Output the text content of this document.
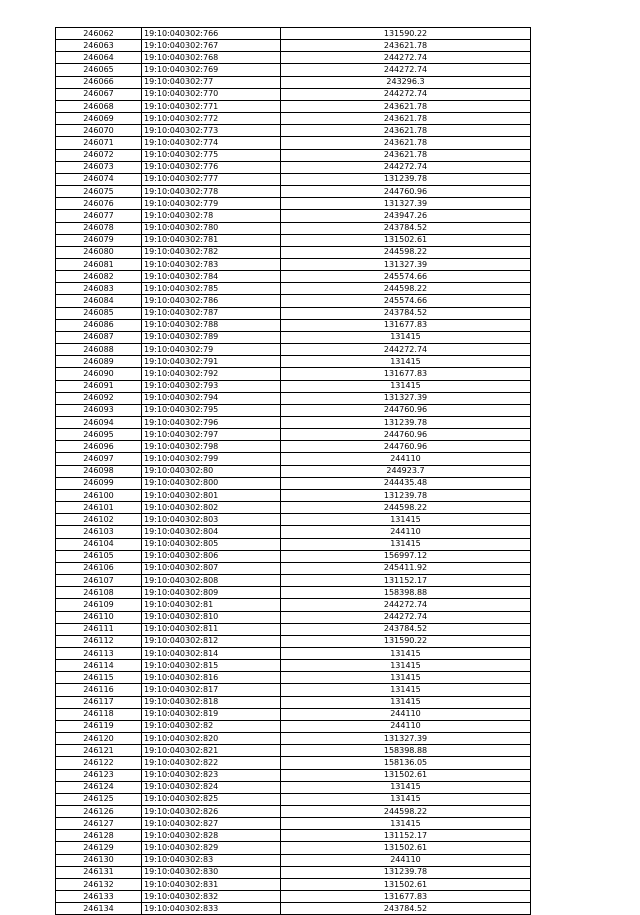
246062	19:10:040302:766	131590.22
246063	19:10:040302:767	243621.78
246064	19:10:040302:768	244272.74
246065	19:10:040302:769	244272.74
246066	19:10:040302:77	243296.3
246067	19:10:040302:770	244272.74
246068	19:10:040302:771	243621.78
246069	19:10:040302:772	243621.78
246070	19:10:040302:773	243621.78
246071	19:10:040302:774	243621.78
246072	19:10:040302:775	243621.78
246073	19:10:040302:776	244272.74
246074	19:10:040302:777	131239.78
246075	19:10:040302:778	244760.96
246076	19:10:040302:779	131327.39
246077	19:10:040302:78	243947.26
246078	19:10:040302:780	243784.52
246079	19:10:040302:781	131502.61
246080	19:10:040302:782	244598.22
246081	19:10:040302:783	131327.39
246082	19:10:040302:784	245574.66
246083	19:10:040302:785	244598.22
246084	19:10:040302:786	245574.66
246085	19:10:040302:787	243784.52
246086	19:10:040302:788	131677.83
246087	19:10:040302:789	131415
246088	19:10:040302:79	244272.74
246089	19:10:040302:791	131415
246090	19:10:040302:792	131677.83
246091	19:10:040302:793	131415
246092	19:10:040302:794	131327.39
246093	19:10:040302:795	244760.96
246094	19:10:040302:796	131239.78
246095	19:10:040302:797	244760.96
246096	19:10:040302:798	244760.96
246097	19:10:040302:799	244110
246098	19:10:040302:80	244923.7
246099	19:10:040302:800	244435.48
246100	19:10:040302:801	131239.78
246101	19:10:040302:802	244598.22
246102	19:10:040302:803	131415
246103	19:10:040302:804	244110
246104	19:10:040302:805	131415
246105	19:10:040302:806	156997.12
246106	19:10:040302:807	245411.92
246107	19:10:040302:808	131152.17
246108	19:10:040302:809	158398.88
246109	19:10:040302:81	244272.74
246110	19:10:040302:810	244272.74
246111	19:10:040302:811	243784.52
246112	19:10:040302:812	131590.22
246113	19:10:040302:814	131415
246114	19:10:040302:815	131415
246115	19:10:040302:816	131415
246116	19:10:040302:817	131415
246117	19:10:040302:818	131415
246118	19:10:040302:819	244110
246119	19:10:040302:82	244110
246120	19:10:040302:820	131327.39
246121	19:10:040302:821	158398.88
246122	19:10:040302:822	158136.05
246123	19:10:040302:823	131502.61
246124	19:10:040302:824	131415
246125	19:10:040302:825	131415
246126	19:10:040302:826	244598.22
246127	19:10:040302:827	131415
246128	19:10:040302:828	131152.17
246129	19:10:040302:829	131502.61
246130	19:10:040302:83	244110
246131	19:10:040302:830	131239.78
246132	19:10:040302:831	131502.61
246133	19:10:040302:832	131677.83
246134	19:10:040302:833	243784.52
